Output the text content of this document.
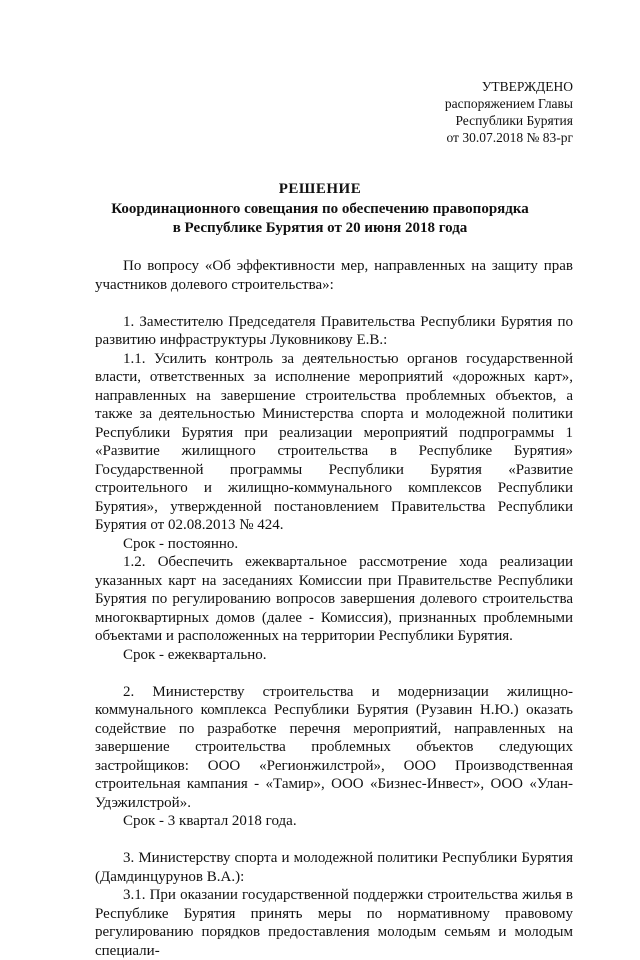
УТВЕРЖДЕНО
распоряжением Главы
Республики Бурятия
от 30.07.2018 № 83-рг
РЕШЕНИЕ
Координационного совещания по обеспечению правопорядка
в Республике Бурятия от 20 июня 2018 года

По вопросу «Об эффективности мер, направленных на защиту прав участников долевого строительства»:

1. Заместителю Председателя Правительства Республики Бурятия по развитию инфраструктуры Луковникову Е.В.:

1.1. Усилить контроль за деятельностью органов государственной власти, ответственных за исполнение мероприятий «дорожных карт», направленных на завершение строительства проблемных объектов, а также за деятельностью Министерства спорта и молодежной политики Республики Бурятия при реализации мероприятий подпрограммы 1 «Развитие жилищного строительства в Республике Бурятия» Государственной программы Республики Бурятия «Развитие строительного и жилищно-коммунального комплексов Республики Бурятия», утвержденной постановлением Правительства Республики Бурятия от 02.08.2013 № 424.

Срок - постоянно.

1.2. Обеспечить ежеквартальное рассмотрение хода реализации указанных карт на заседаниях Комиссии при Правительстве Республики Бурятия по регулированию вопросов завершения долевого строительства многоквартирных домов (далее - Комиссия), признанных проблемными объектами и расположенных на территории Республики Бурятия.

Срок - ежеквартально.

2. Министерству строительства и модернизации жилищно-коммунального комплекса Республики Бурятия (Рузавин Н.Ю.) оказать содействие по разработке перечня мероприятий, направленных на завершение строительства проблемных объектов следующих застройщиков: ООО «Регионжилстрой», ООО Производственная строительная кампания - «Тамир», ООО «Бизнес-Инвест», ООО «Улан-Удэжилстрой».

Срок - 3 квартал 2018 года.

3. Министерству спорта и молодежной политики Республики Бурятия (Дамдинцурунов В.А.):

3.1. При оказании государственной поддержки строительства жилья в Республике Бурятия принять меры по нормативному правовому регулированию порядков предоставления молодым семьям и молодым специали-
